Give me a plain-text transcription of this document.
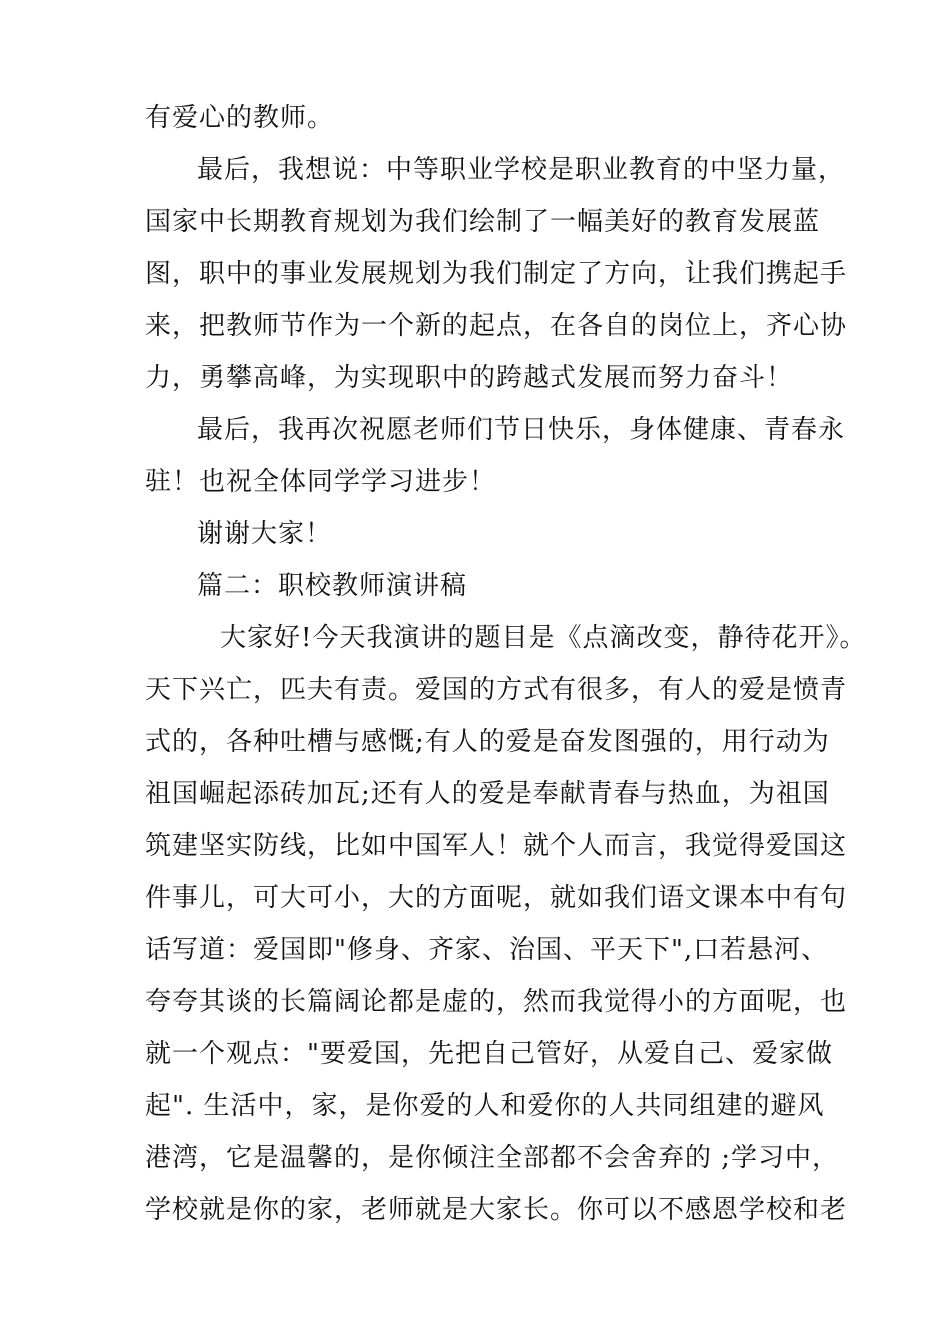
有爱心的教师。
最后，我想说：中等职业学校是职业教育的中坚力量，
国家中长期教育规划为我们绘制了一幅美好的教育发展蓝
图，职中的事业发展规划为我们制定了方向，让我们携起手
来，把教师节作为一个新的起点，在各自的岗位上，齐心协
力，勇攀高峰，为实现职中的跨越式发展而努力奋斗！
最后，我再次祝愿老师们节日快乐，身体健康、青春永
驻！也祝全体同学学习进步！
谢谢大家！
篇二：职校教师演讲稿
大家好!今天我演讲的题目是《点滴改变，静待花开》。
天下兴亡，匹夫有责。爱国的方式有很多，有人的爱是愤青
式的，各种吐槽与感慨;有人的爱是奋发图强的，用行动为
祖国崛起添砖加瓦;还有人的爱是奉献青春与热血，为祖国
筑建坚实防线，比如中国军人！就个人而言，我觉得爱国这
件事儿，可大可小，大的方面呢，就如我们语文课本中有句
话写道：爱国即"修身、齐家、治国、平天下",口若悬河、
夸夸其谈的长篇阔论都是虚的，然而我觉得小的方面呢，也
就一个观点："要爱国，先把自己管好，从爱自己、爱家做
起". 生活中，家，是你爱的人和爱你的人共同组建的避风
港湾，它是温馨的，是你倾注全部都不会舍弃的 ;学习中，
学校就是你的家，老师就是大家长。你可以不感恩学校和老
